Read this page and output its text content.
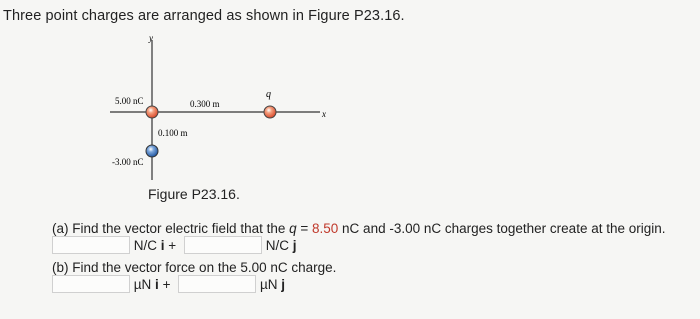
Three point charges are arranged as shown in Figure P23.16.
y
x
5.00 nC	0.300 m
q
0.100 m
-3.00 nC
Figure P23.16.
(a) Find the vector electric field that the q = 8.50 nC and -3.00 nC charges together create at the origin.
N/C i +	N/C j
(b) Find the vector force on the 5.00 nC charge.
µN i +	µN j
